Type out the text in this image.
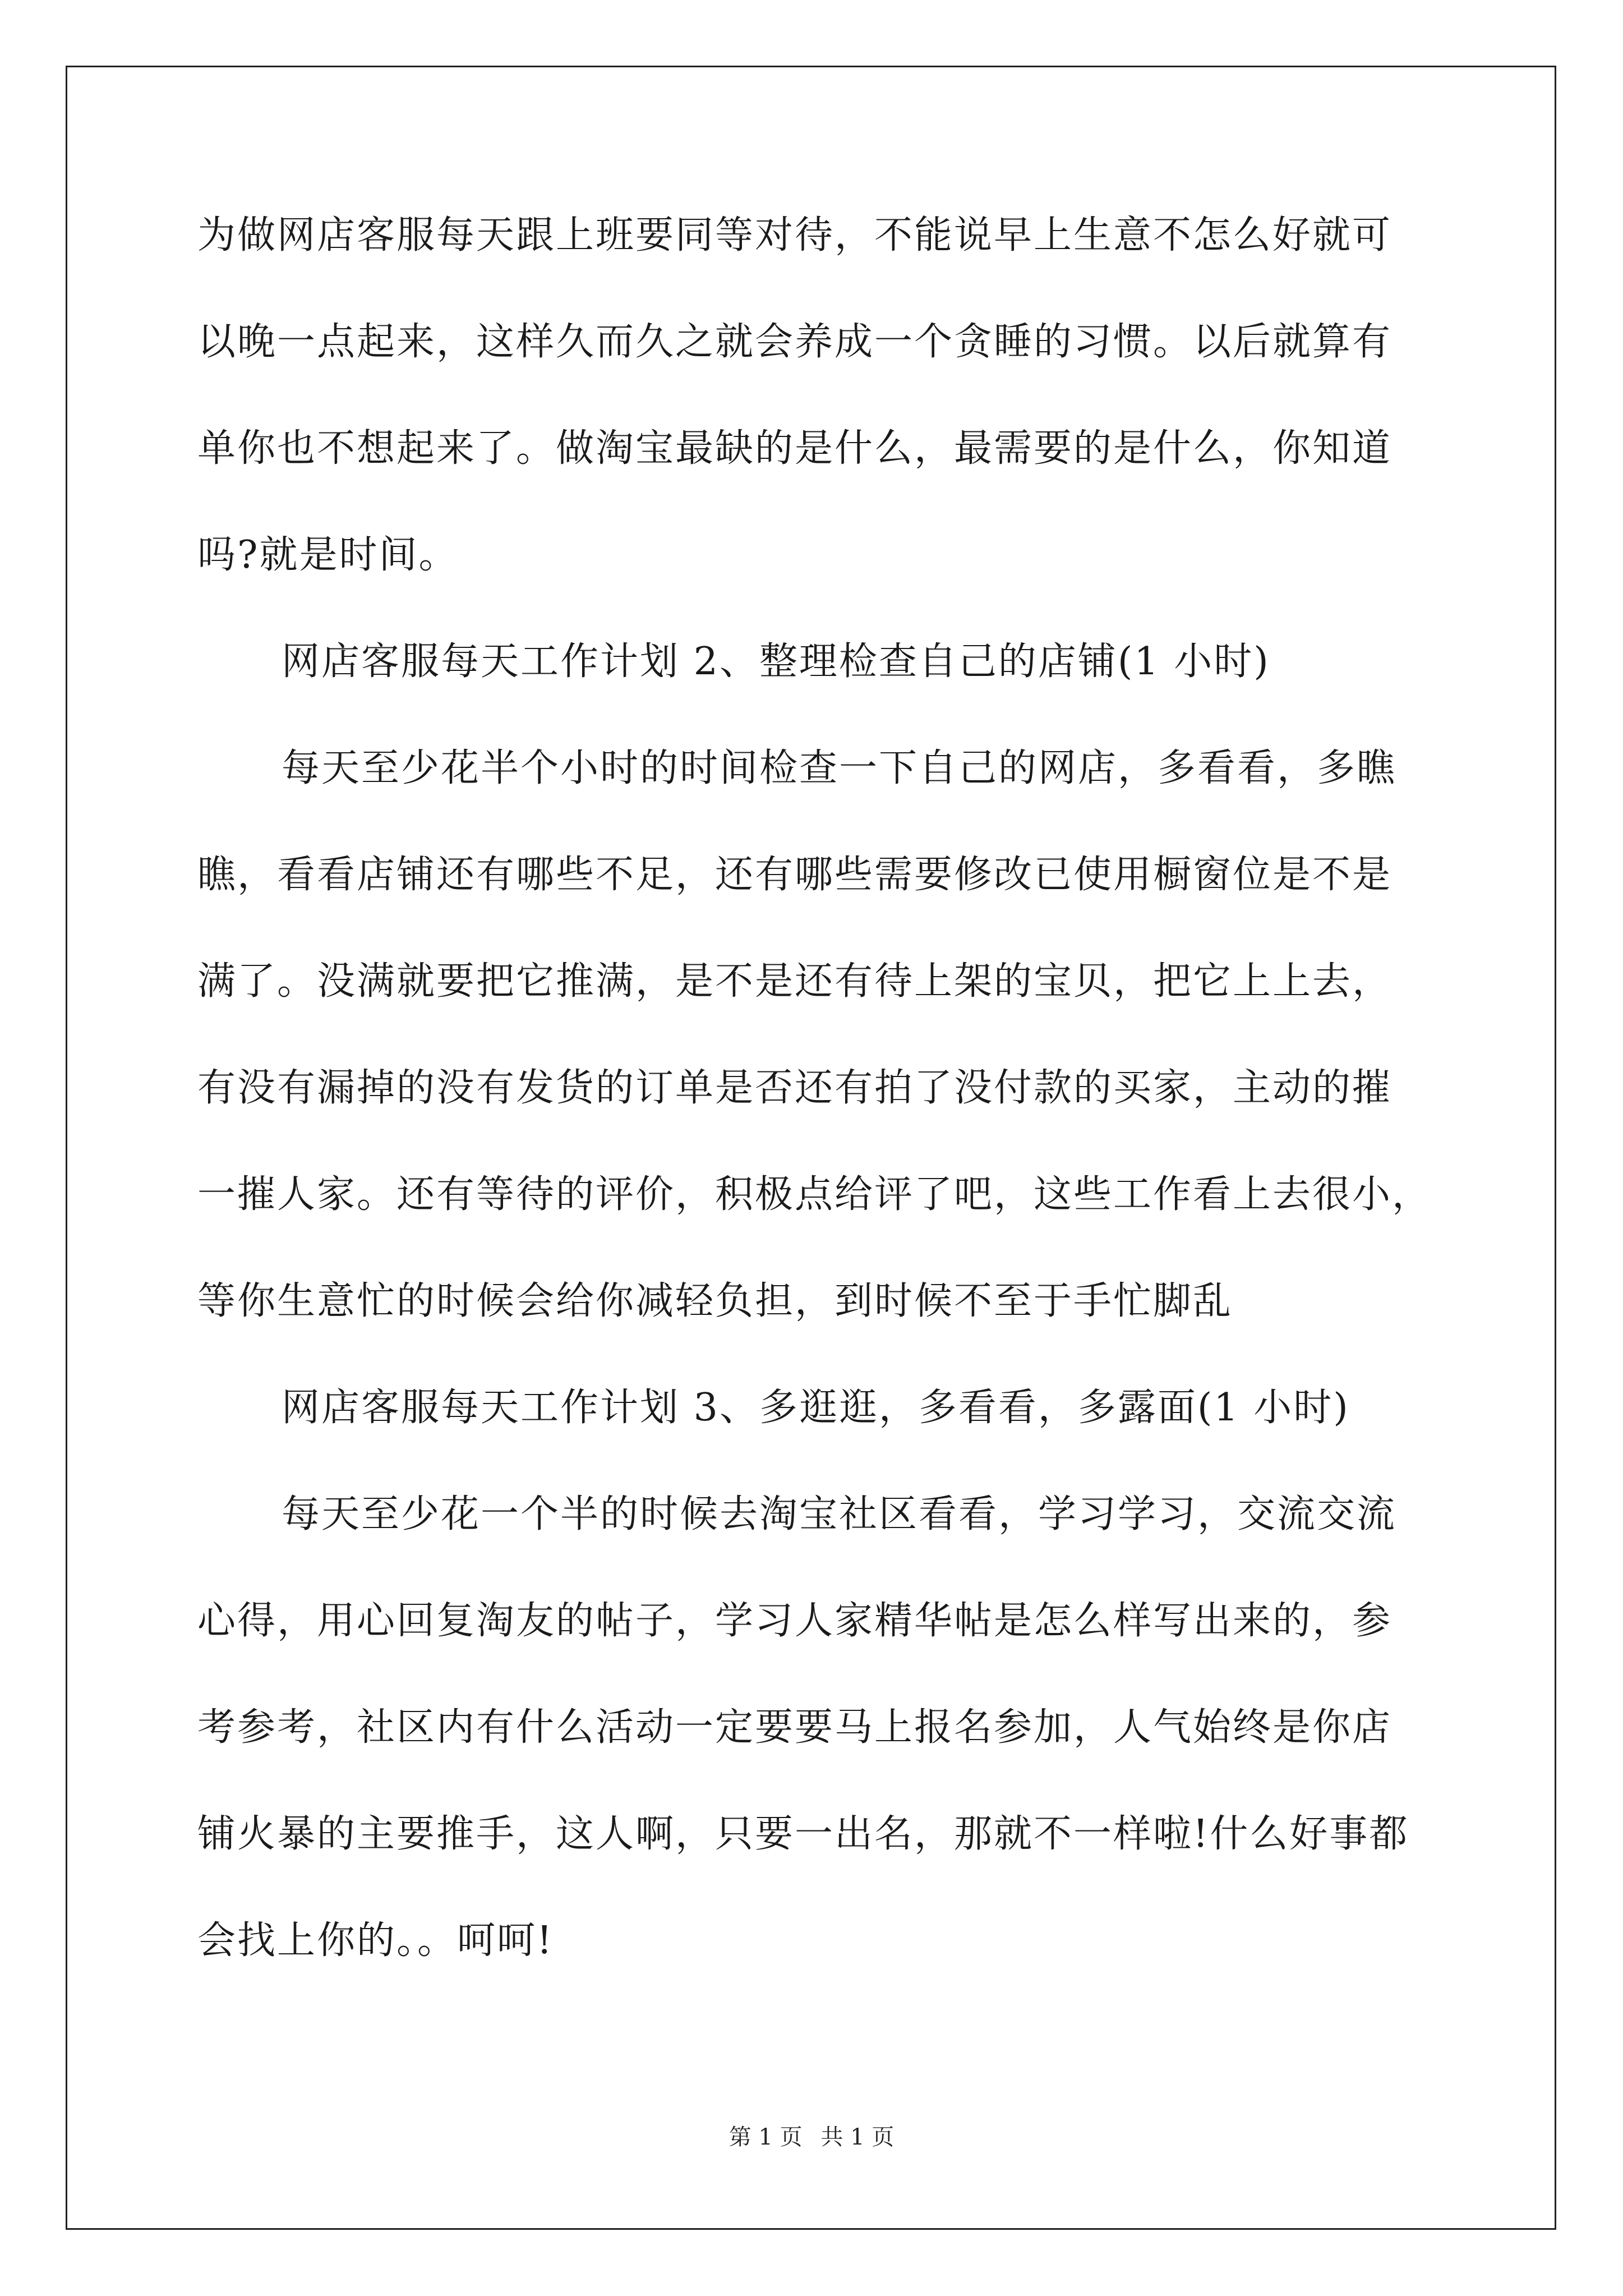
为做网店客服每天跟上班要同等对待，不能说早上生意不怎么好就可
以晚一点起来，这样久而久之就会养成一个贪睡的习惯。以后就算有
单你也不想起来了。做淘宝最缺的是什么，最需要的是什么，你知道
吗?就是时间。
网店客服每天工作计划 2、整理检查自己的店铺(1 小时)
每天至少花半个小时的时间检查一下自己的网店，多看看，多瞧
瞧，看看店铺还有哪些不足，还有哪些需要修改已使用橱窗位是不是
满了。没满就要把它推满，是不是还有待上架的宝贝，把它上上去，
有没有漏掉的没有发货的订单是否还有拍了没付款的买家，主动的摧
一摧人家。还有等待的评价，积极点给评了吧，这些工作看上去很小，
等你生意忙的时候会给你减轻负担，到时候不至于手忙脚乱
网店客服每天工作计划 3、多逛逛，多看看，多露面(1 小时)
每天至少花一个半的时候去淘宝社区看看，学习学习，交流交流
心得，用心回复淘友的帖子，学习人家精华帖是怎么样写出来的，参
考参考，社区内有什么活动一定要要马上报名参加，人气始终是你店
铺火暴的主要推手，这人啊，只要一出名，那就不一样啦!什么好事都
会找上你的。。呵呵!
第 1 页 共 1 页
